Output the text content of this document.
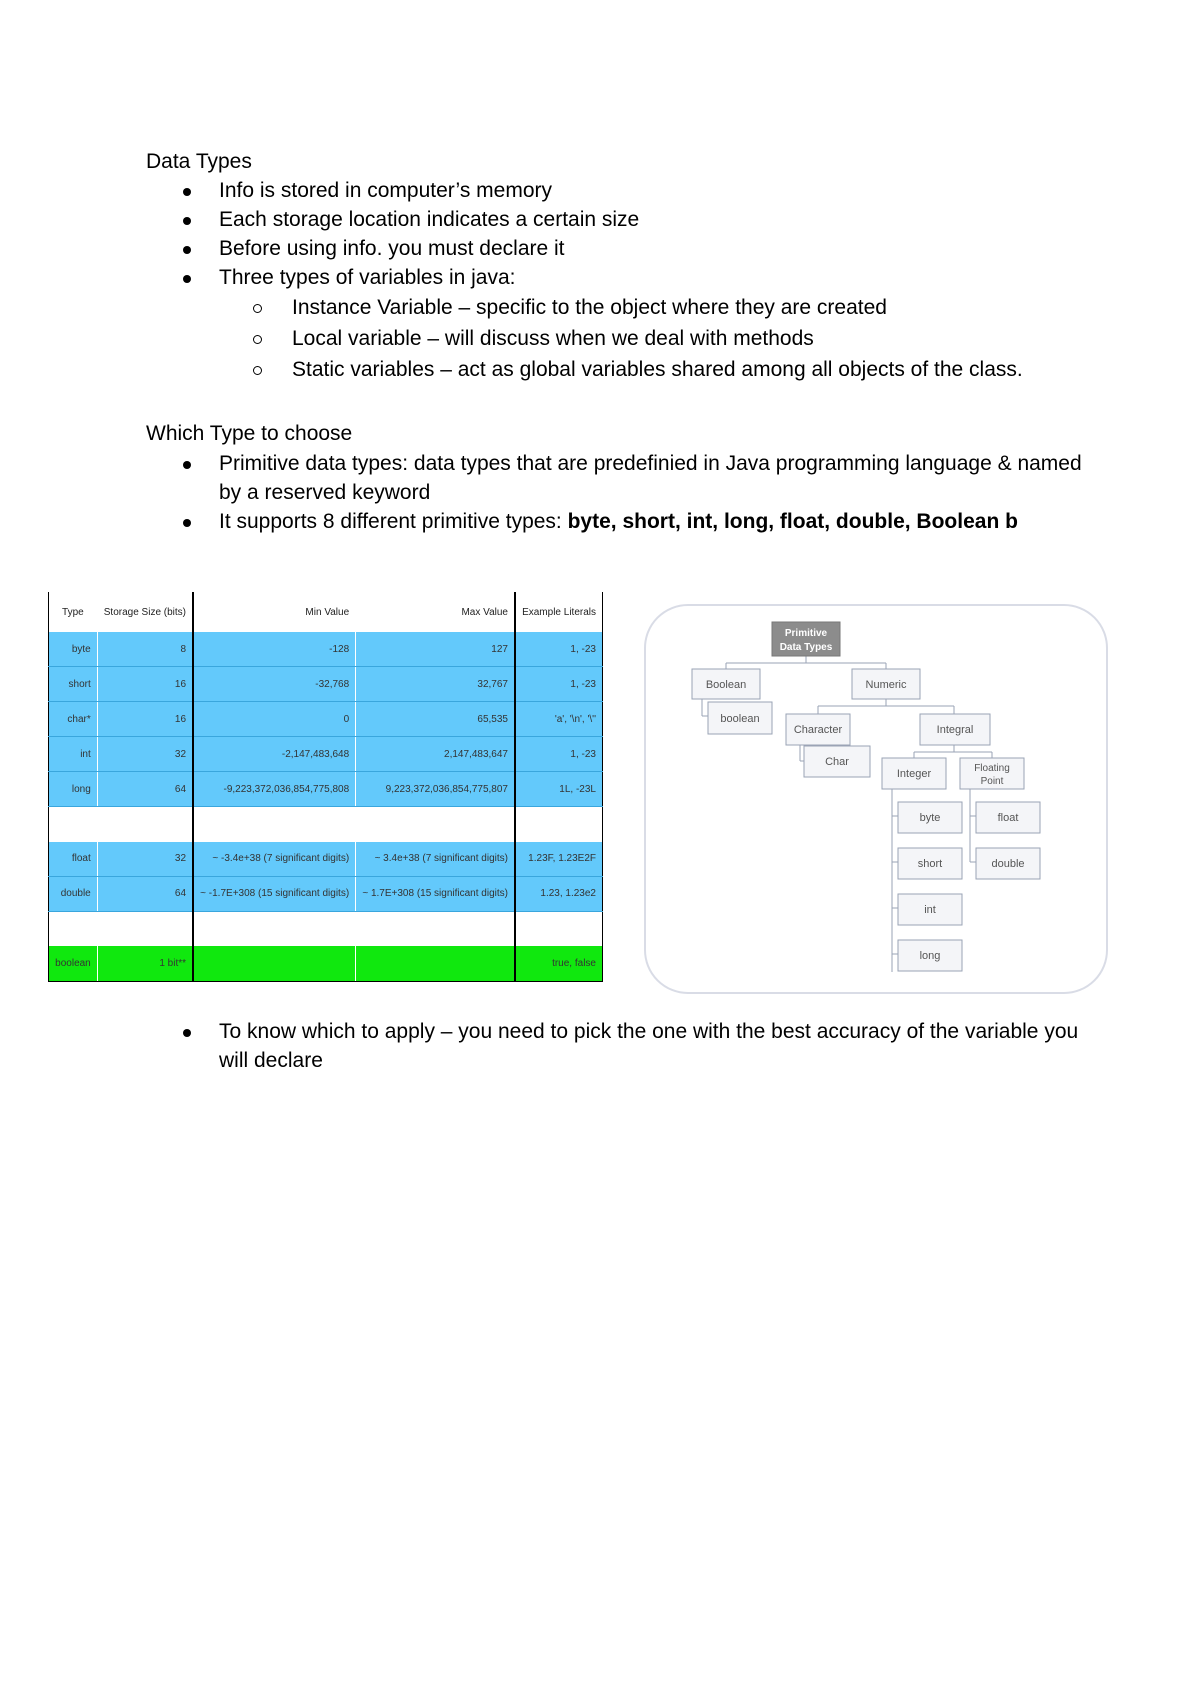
Data Types
Info is stored in computer’s memory
Each storage location indicates a certain size
Before using info. you must declare it
Three types of variables in java:
Instance Variable – specific to the object where they are created
Local variable – will discuss when we deal with methods
Static variables – act as global variables shared among all objects of the class.
Which Type to choose
Primitive data types: data types that are predefinied in Java programming language & named by a reserved keyword
It supports 8 different primitive types: byte, short, int, long, float, double, Boolean b
Type	Storage Size (bits)	Min Value	Max Value	Example Literals
byte	8	-128	127	1, -23
short	16	-32,768	32,767	1, -23
char*	16	0	65,535	'a', '\n', '\''
int	32	-2,147,483,648	2,147,483,647	1, -23
long	64	-9,223,372,036,854,775,808	9,223,372,036,854,775,807	1L, -23L

float	32	~ -3.4e+38 (7 significant digits)	~ 3.4e+38 (7 significant digits)	1.23F, 1.23E2F
double	64	~ -1.7E+308 (15 significant digits)	~ 1.7E+308 (15 significant digits)	1.23, 1.23e2

boolean	1 bit**			true, false
Primitive
Data Types
Boolean	Numeric
boolean
Character	Integral
Char
Integer	Floating
Point
byte	float
short	double
int
long
To know which to apply – you need to pick the one with the best accuracy of the variable you will declare
